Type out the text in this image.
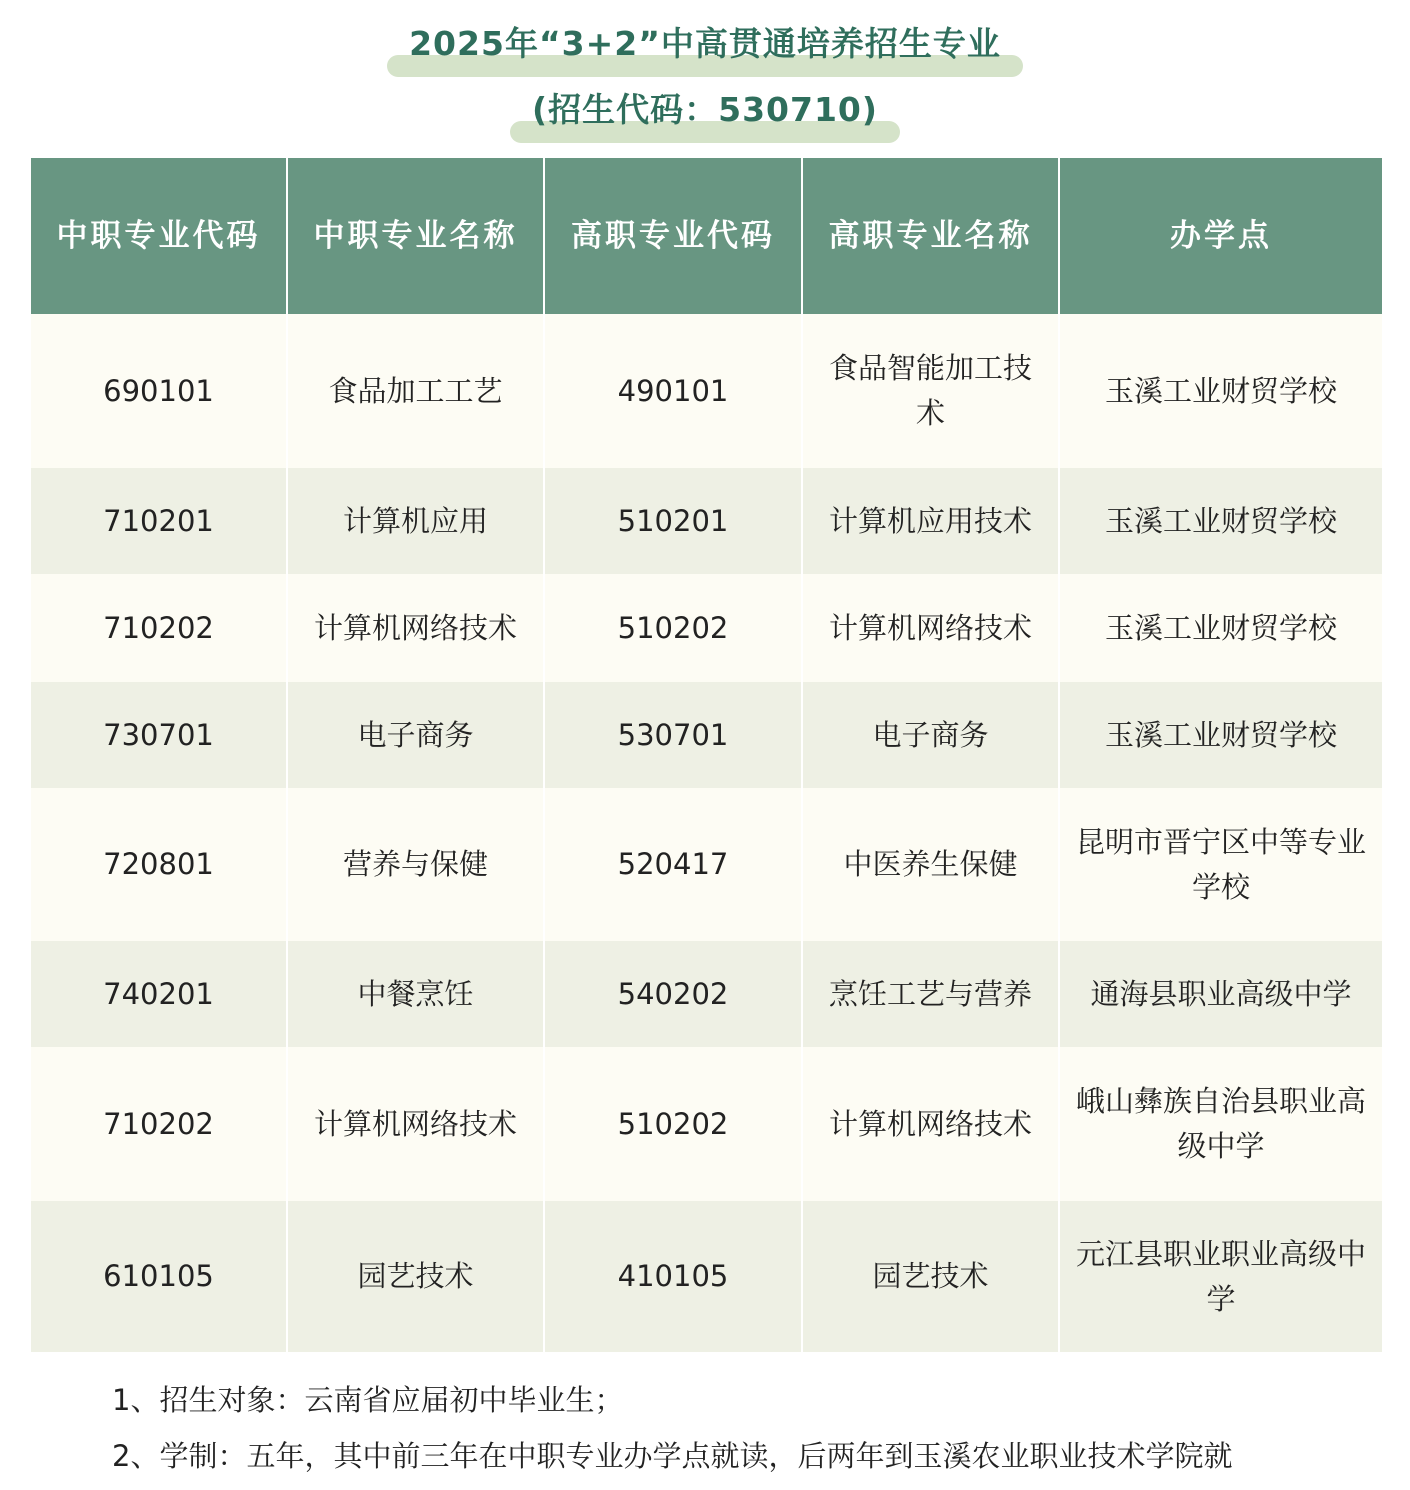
2025年“3+2”中高贯通培养招生专业
(招生代码：530710)
中职专业代码	中职专业名称	高职专业代码	高职专业名称	办学点
690101	食品加工工艺	490101	食品智能加工技术	玉溪工业财贸学校
710201	计算机应用	510201	计算机应用技术	玉溪工业财贸学校
710202	计算机网络技术	510202	计算机网络技术	玉溪工业财贸学校
730701	电子商务	530701	电子商务	玉溪工业财贸学校
720801	营养与保健	520417	中医养生保健	昆明市晋宁区中等专业学校
740201	中餐烹饪	540202	烹饪工艺与营养	通海县职业高级中学
710202	计算机网络技术	510202	计算机网络技术	峨山彝族自治县职业高级中学
610105	园艺技术	410105	园艺技术	元江县职业职业高级中学

1、招生对象：云南省应届初中毕业生；

2、学制：五年，其中前三年在中职专业办学点就读，后两年到玉溪农业职业技术学院就
